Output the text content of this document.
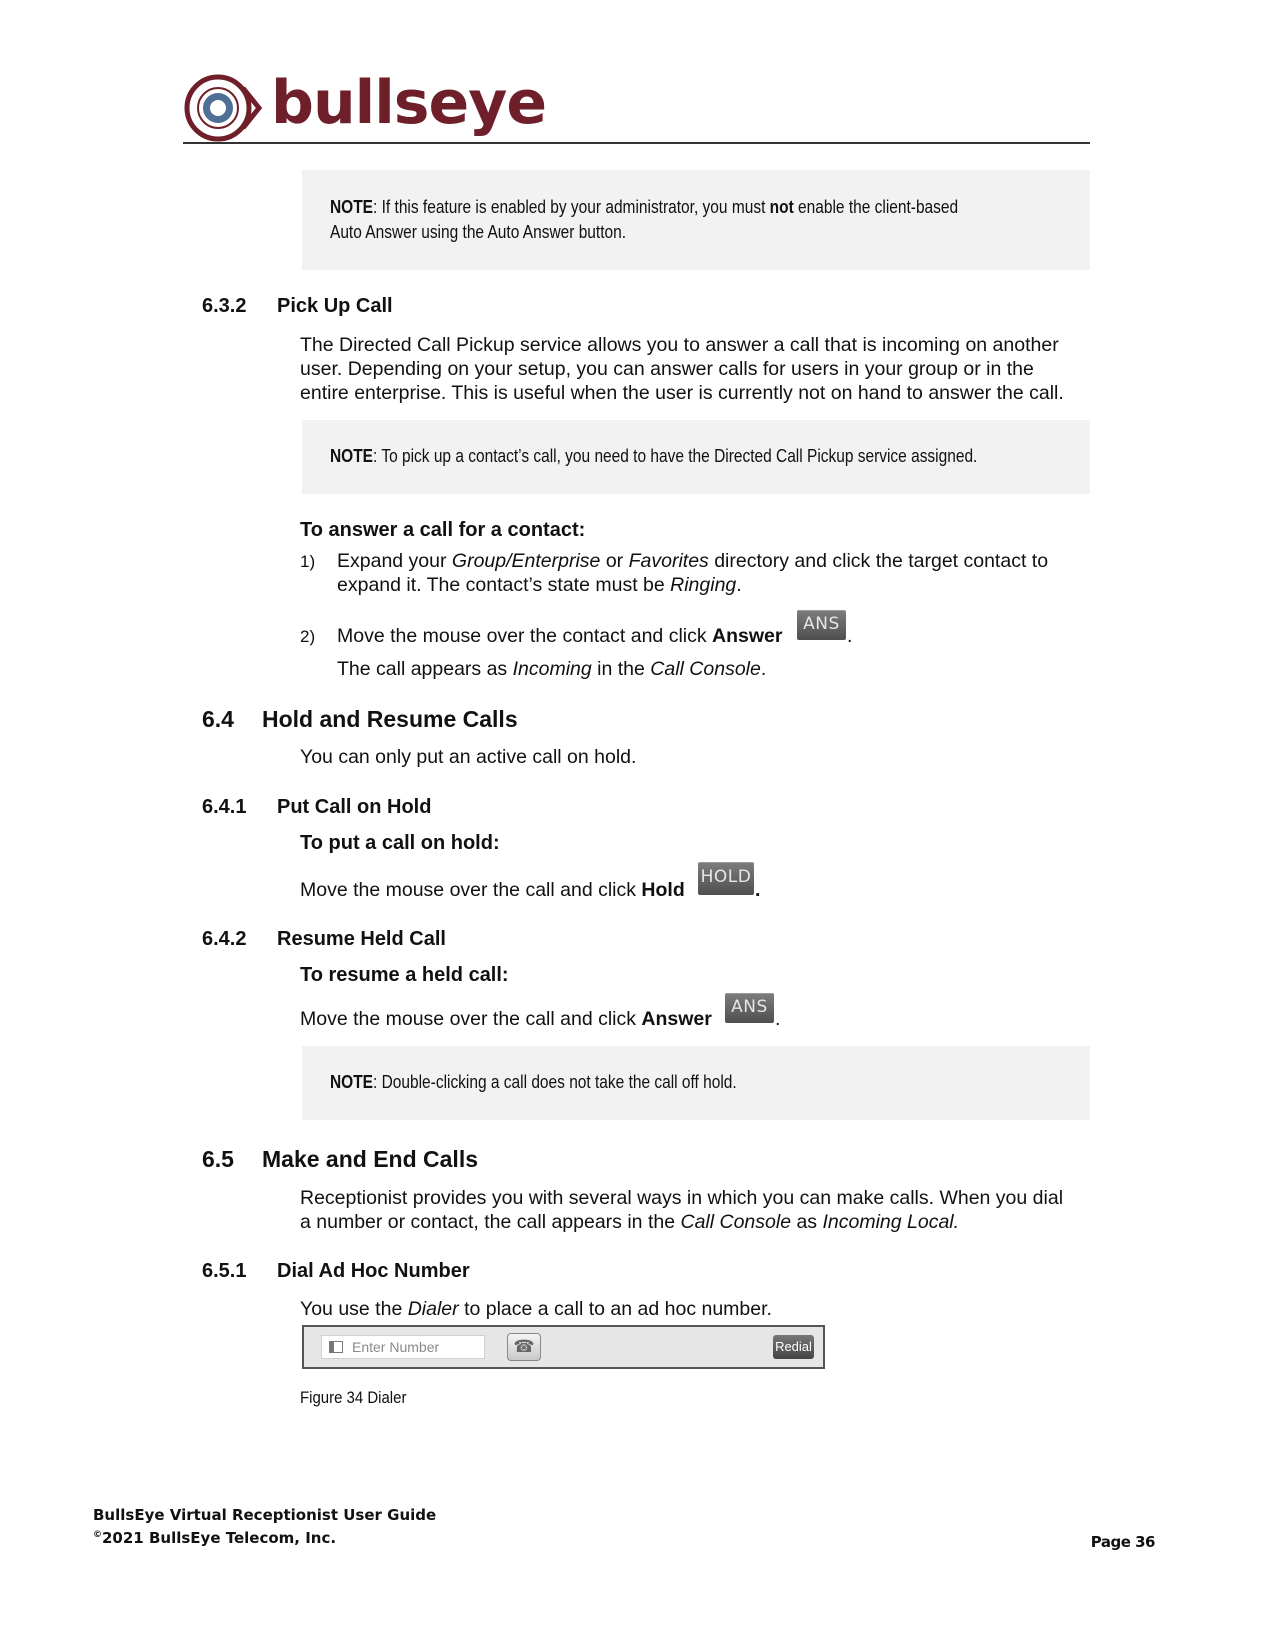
bullseye
NOTE: If this feature is enabled by your administrator, you must not enable the client-based
Auto Answer using the Auto Answer button.
6.3.2 Pick Up Call
The Directed Call Pickup service allows you to answer a call that is incoming on another
user. Depending on your setup, you can answer calls for users in your group or in the
entire enterprise. This is useful when the user is currently not on hand to answer the call.
NOTE: To pick up a contact’s call, you need to have the Directed Call Pickup service assigned.
To answer a call for a contact:
1) Expand your Group/Enterprise or Favorites directory and click the target contact to
expand it. The contact’s state must be Ringing.
2) Move the mouse over the contact and click Answer
ANS
.
The call appears as Incoming in the Call Console.
6.4 Hold and Resume Calls
You can only put an active call on hold.
6.4.1 Put Call on Hold
To put a call on hold:
Move the mouse over the call and click Hold
HOLD
.
6.4.2 Resume Held Call
To resume a held call:
Move the mouse over the call and click Answer
ANS
.
NOTE: Double-clicking a call does not take the call off hold.
6.5 Make and End Calls
Receptionist provides you with several ways in which you can make calls. When you dial
a number or contact, the call appears in the Call Console as Incoming Local.
6.5.1 Dial Ad Hoc Number
You use the Dialer to place a call to an ad hoc number.
Enter Number	☎	Redial
Figure 34 Dialer
BullsEye Virtual Receptionist User Guide
©2021 BullsEye Telecom, Inc.	Page 36
